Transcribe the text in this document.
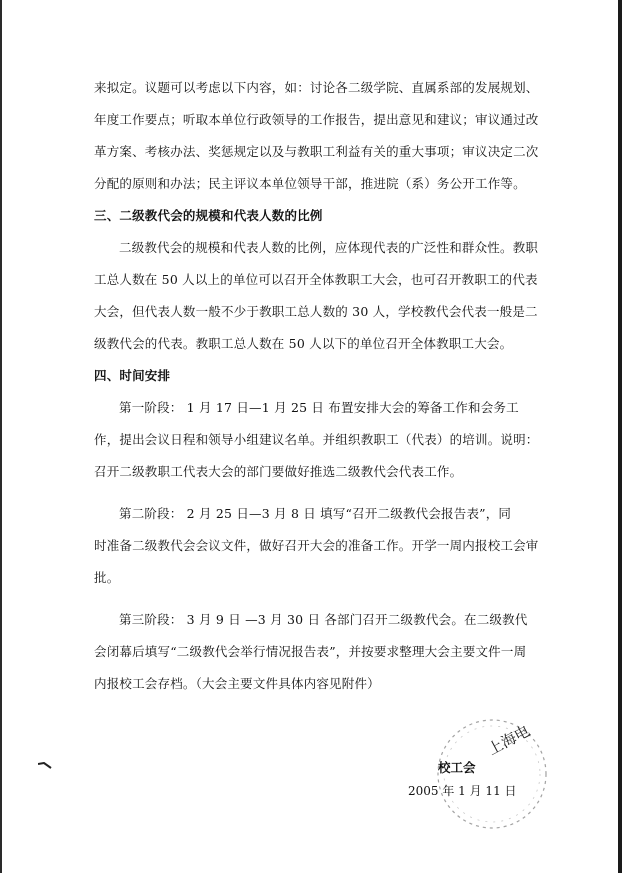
来拟定。议题可以考虑以下内容，如：讨论各二级学院、直属系部的发展规划、
年度工作要点；听取本单位行政领导的工作报告，提出意见和建议；审议通过改
革方案、考核办法、奖惩规定以及与教职工利益有关的重大事项；审议决定二次
分配的原则和办法；民主评议本单位领导干部，推进院（系）务公开工作等。
三、二级教代会的规模和代表人数的比例
二级教代会的规模和代表人数的比例，应体现代表的广泛性和群众性。教职
工总人数在 50 人以上的单位可以召开全体教职工大会，也可召开教职工的代表
大会，但代表人数一般不少于教职工总人数的 30 人，学校教代会代表一般是二
级教代会的代表。教职工总人数在 50 人以下的单位召开全体教职工大会。
四、时间安排
第一阶段： 1 月 17 日—1 月 25 日 布置安排大会的筹备工作和会务工
作，提出会议日程和领导小组建议名单。并组织教职工（代表）的培训。说明：
召开二级教职工代表大会的部门要做好推选二级教代会代表工作。
第二阶段： 2 月 25 日—3 月 8 日 填写“召开二级教代会报告表”，同
时准备二级教代会会议文件，做好召开大会的准备工作。开学一周内报校工会审
批。
第三阶段： 3 月 9 日 —3 月 30 日 各部门召开二级教代会。在二级教代
会闭幕后填写“二级教代会举行情况报告表”，并按要求整理大会主要文件一周
内报校工会存档。（大会主要文件具体内容见附件）
上海电
校工会
2005 年 1 月 11 日
